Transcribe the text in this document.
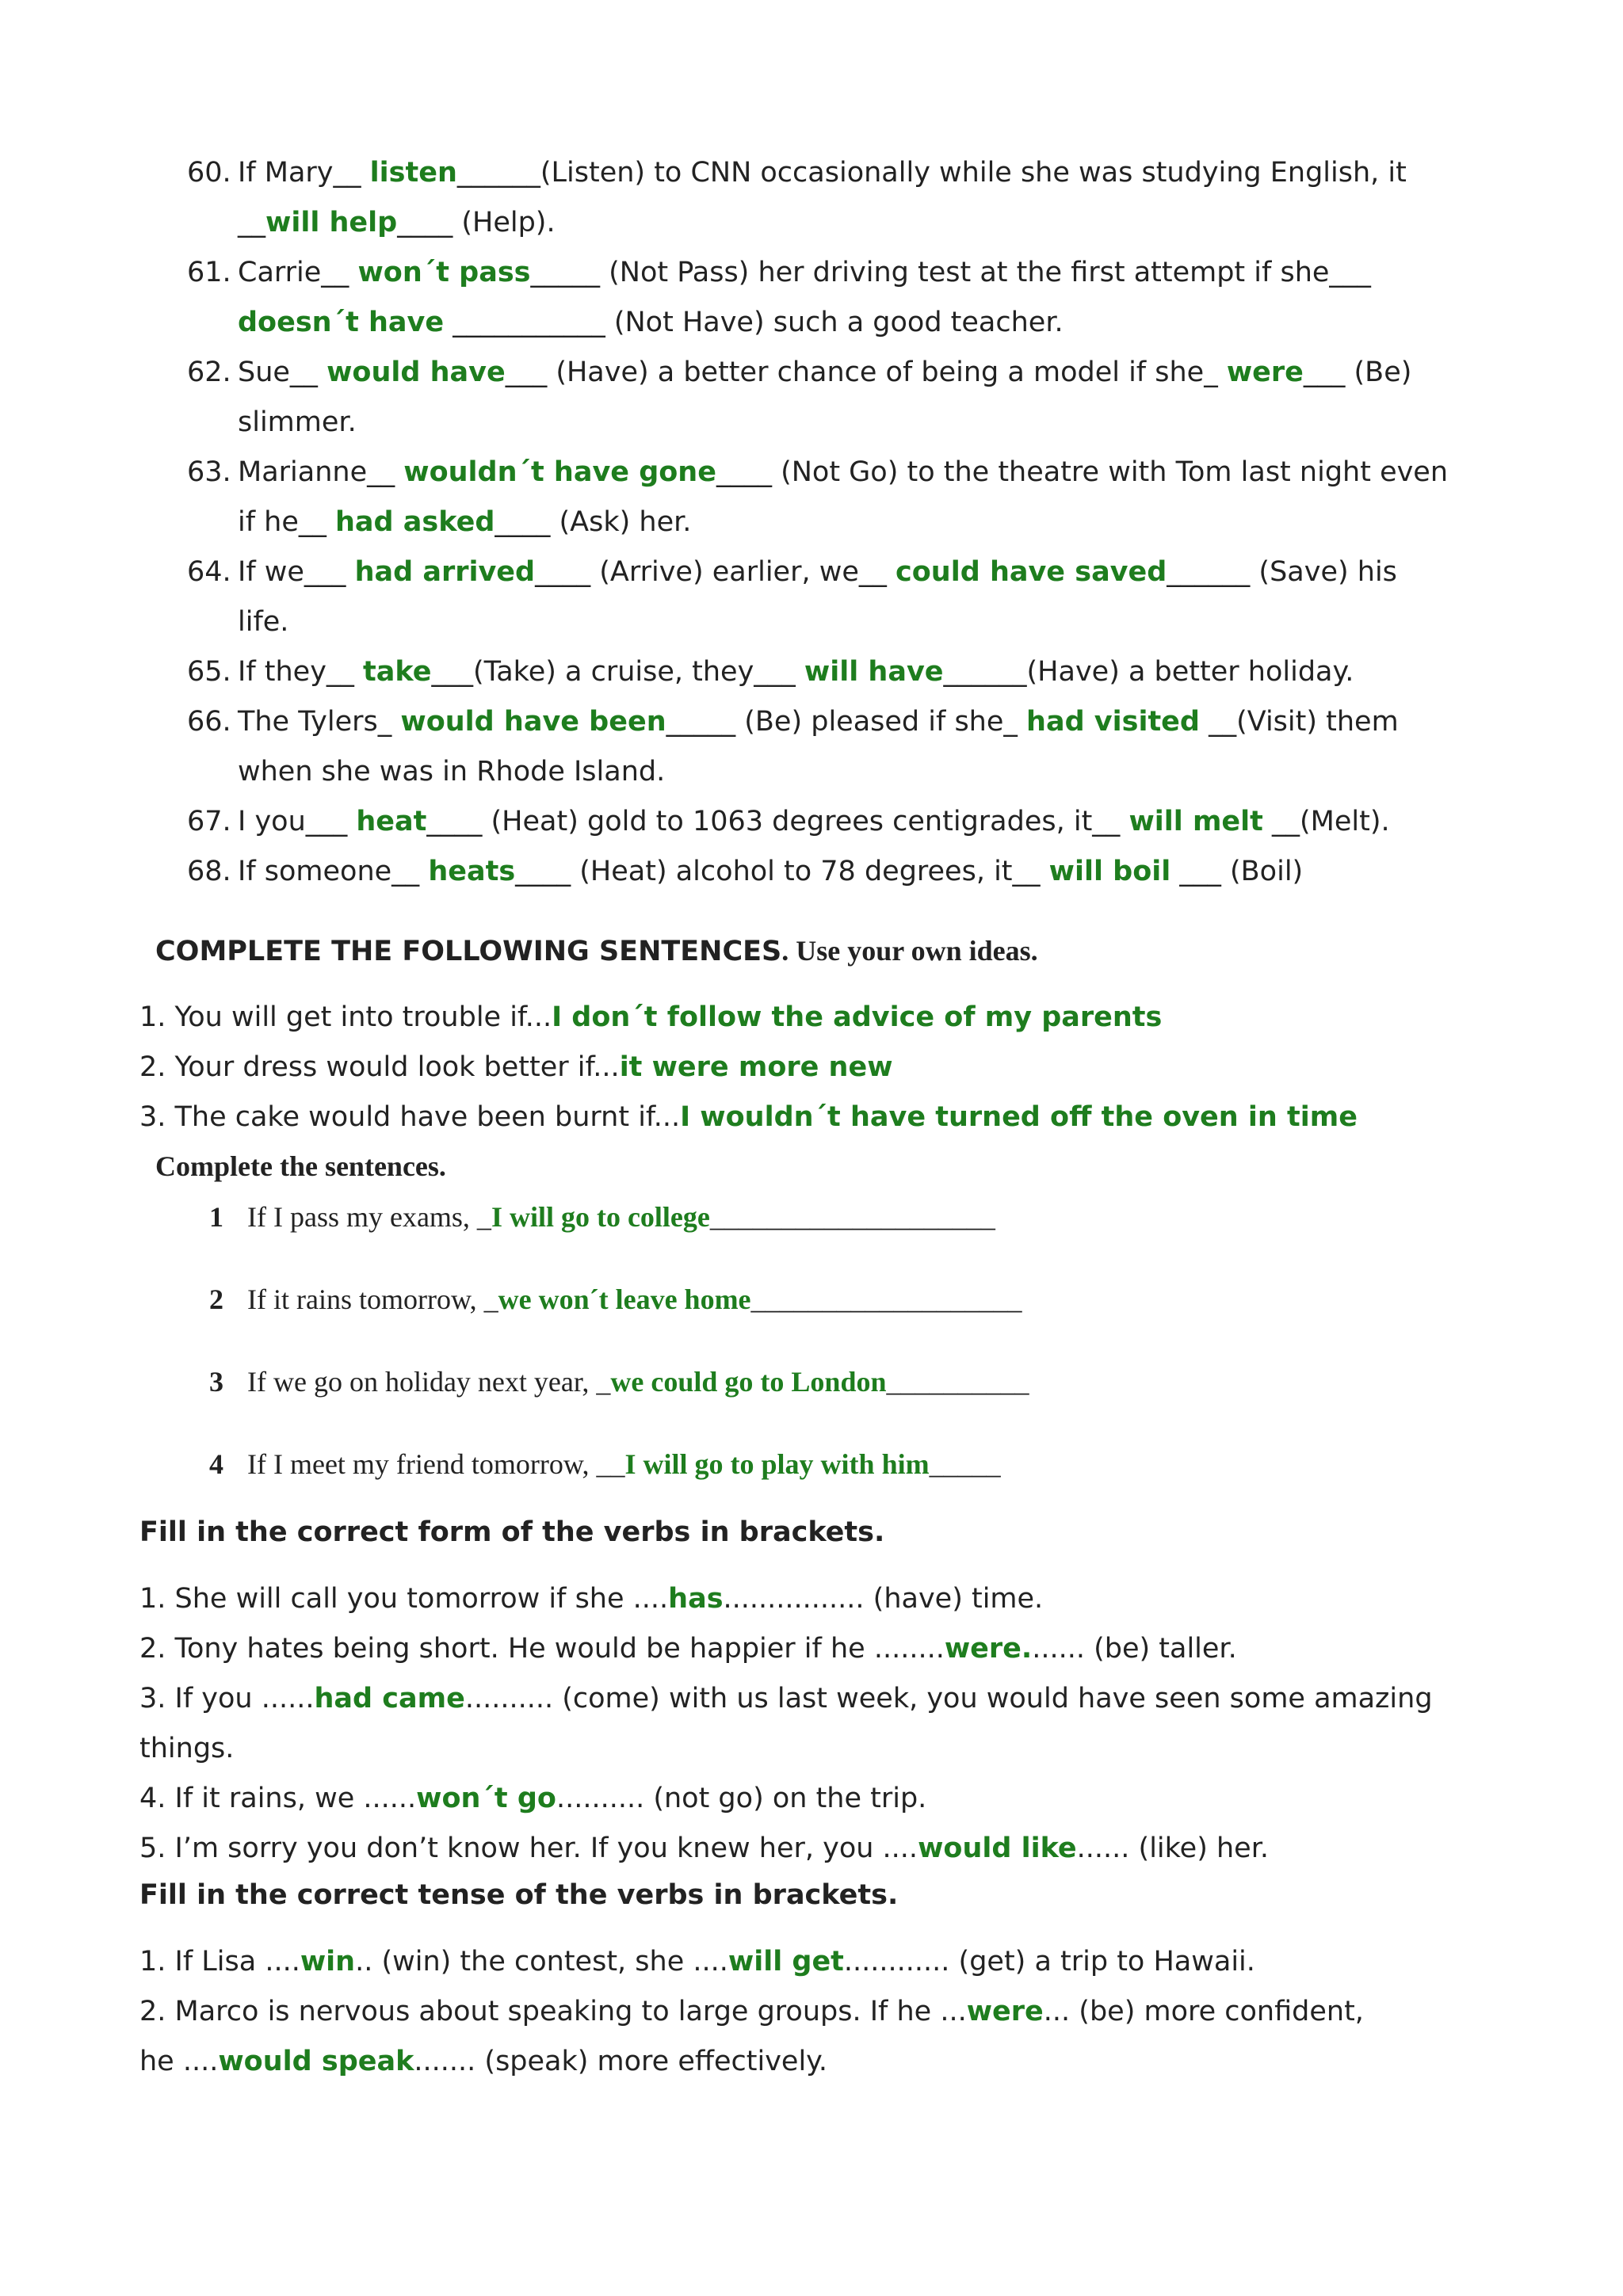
60. If Mary__ listen______(Listen) to CNN occasionally while she was studying English, it
__will help____ (Help).
61. Carrie__ won´t pass_____ (Not Pass) her driving test at the first attempt if she___
doesn´t have ___________ (Not Have) such a good teacher.
62. Sue__ would have___ (Have) a better chance of being a model if she_ were___ (Be)
slimmer.
63. Marianne__ wouldn´t have gone____ (Not Go) to the theatre with Tom last night even
if he__ had asked____ (Ask) her.
64. If we___ had arrived____ (Arrive) earlier, we__ could have saved______ (Save) his
life.
65. If they__ take___(Take) a cruise, they___ will have______(Have) a better holiday.
66. The Tylers_ would have been_____ (Be) pleased if she_ had visited __(Visit) them
when she was in Rhode Island.
67. I you___ heat____ (Heat) gold to 1063 degrees centigrades, it__ will melt __(Melt).
68. If someone__ heats____ (Heat) alcohol to 78 degrees, it__ will boil ___ (Boil)
COMPLETE THE FOLLOWING SENTENCES. Use your own ideas.
1. You will get into trouble if...I don´t follow the advice of my parents
2. Your dress would look better if...it were more new
3. The cake would have been burnt if...I wouldn´t have turned off the oven in time
Complete the sentences.
1 If I pass my exams, _I will go to college____________________
2 If it rains tomorrow, _we won´t leave home___________________
3 If we go on holiday next year, _we could go to London__________
4 If I meet my friend tomorrow, __I will go to play with him_____
Fill in the correct form of the verbs in brackets.
1. She will call you tomorrow if she ....has................ (have) time.
2. Tony hates being short. He would be happier if he ........were....... (be) taller.
3. If you ......had came.......... (come) with us last week, you would have seen some amazing
things.
4. If it rains, we ......won´t go.......... (not go) on the trip.
5. I’m sorry you don’t know her. If you knew her, you ....would like...... (like) her.
Fill in the correct tense of the verbs in brackets.
1. If Lisa ....win.. (win) the contest, she ....will get............ (get) a trip to Hawaii.
2. Marco is nervous about speaking to large groups. If he ...were... (be) more confident,
he ....would speak....... (speak) more effectively.
